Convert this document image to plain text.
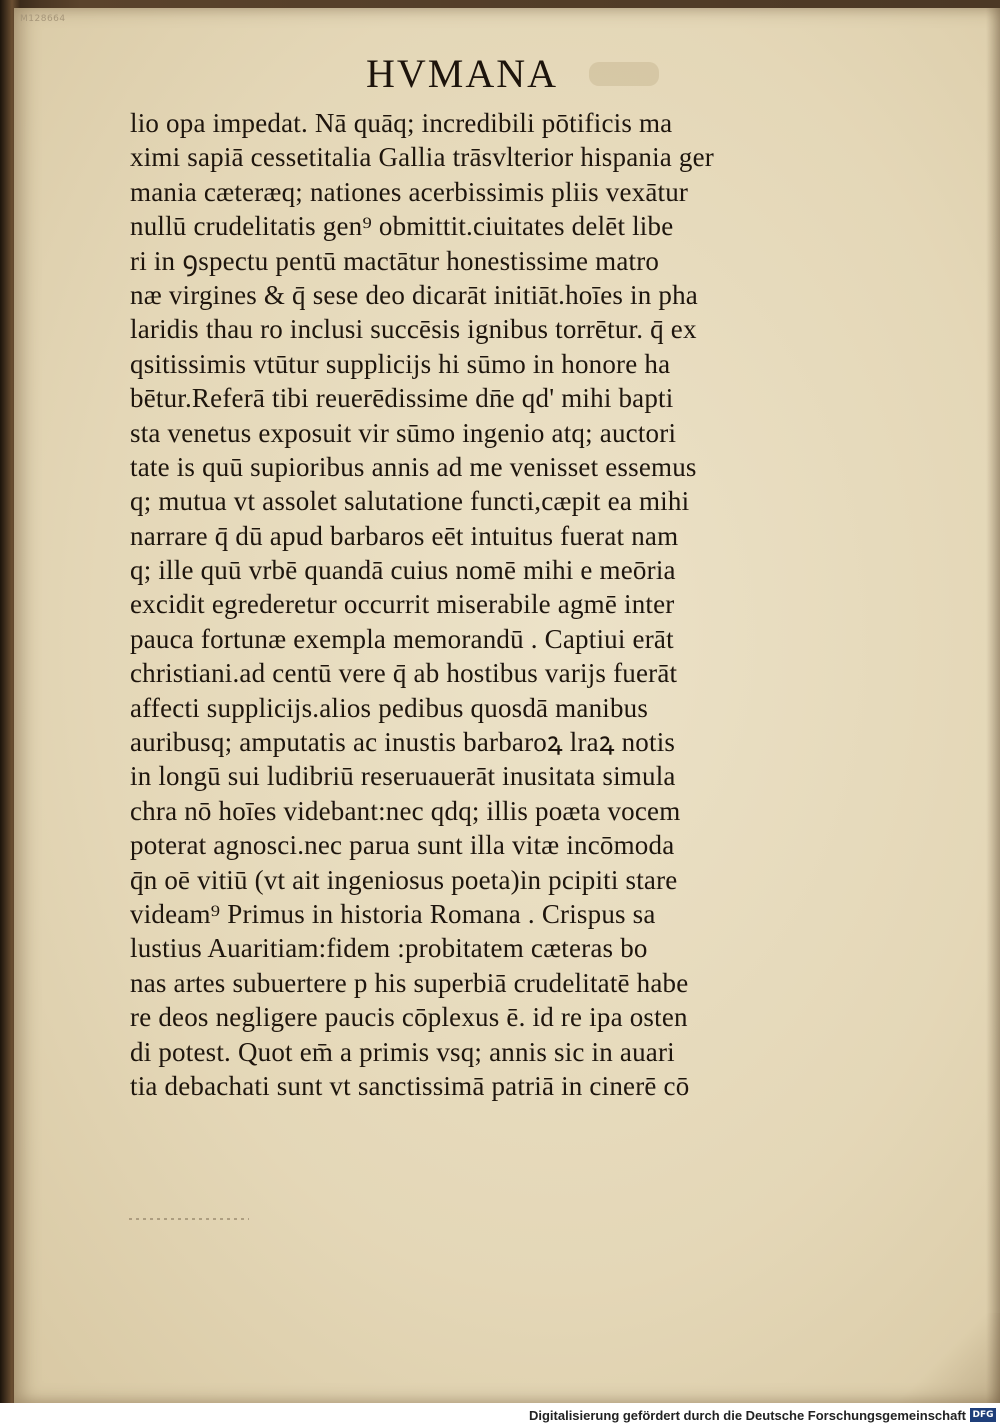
M128664
HVMANA
lio opa impedat. Nā quāq; incredibili pōtificis ma
ximi sapiā cessetitalia Gallia trāsvlterior hispania ger
mania cæteræq; nationes acerbissimis pliis vexātur
nullū crudelitatis gen⁹ obmittit.ciuitates delēt libe
ri in ꝯspectu pentū mactātur honestissime matro
næ virgines & q̄ sese deo dicarāt initiāt.hoīes in pha
laridis thau ro inclusi succēsis ignibus torrētur. q̄ ex
qsitissimis vtūtur supplicijs hi sūmo in honore ha
bētur.Referā tibi reuerēdissime dn̄e qd' mihi bapti
sta venetus exposuit vir sūmo ingenio atq; auctori
tate is quū supioribus annis ad me venisset essemus
q; mutua vt assolet salutatione functi,cæpit ea mihi
narrare q̄ dū apud barbaros eēt intuitus fuerat nam
q; ille quū vrbē quandā cuius nomē mihi e meōria
excidit egrederetur occurrit miserabile agmē inter
pauca fortunæ exempla memorandū . Captiui erāt
christiani.ad centū vere q̄ ab hostibus varijs fuerāt
affecti supplicijs.alios pedibus quosdā manibus
auribusq; amputatis ac inustis barbaroꝝ lraꝝ notis
in longū sui ludibriū reseruauerāt inusitata simula
chra nō hoīes videbant:nec qdq; illis poæta vocem
poterat agnosci.nec parua sunt illa vitæ incōmoda
q̄n oē vitiū (vt ait ingeniosus poeta)in pcipiti stare
videam⁹ Primus in historia Romana . Crispus sa
lustius Auaritiam:fidem :probitatem cæteras bo
nas artes subuertere p his superbiā crudelitatē habe
re deos negligere paucis cōplexus ē. id re ipa osten
di potest. Quot em̄ a primis vsq; annis sic in auari
tia debachati sunt vt sanctissimā patriā in cinerē cō
Digitalisierung gefördert durch die Deutsche Forschungsgemeinschaft DFG
